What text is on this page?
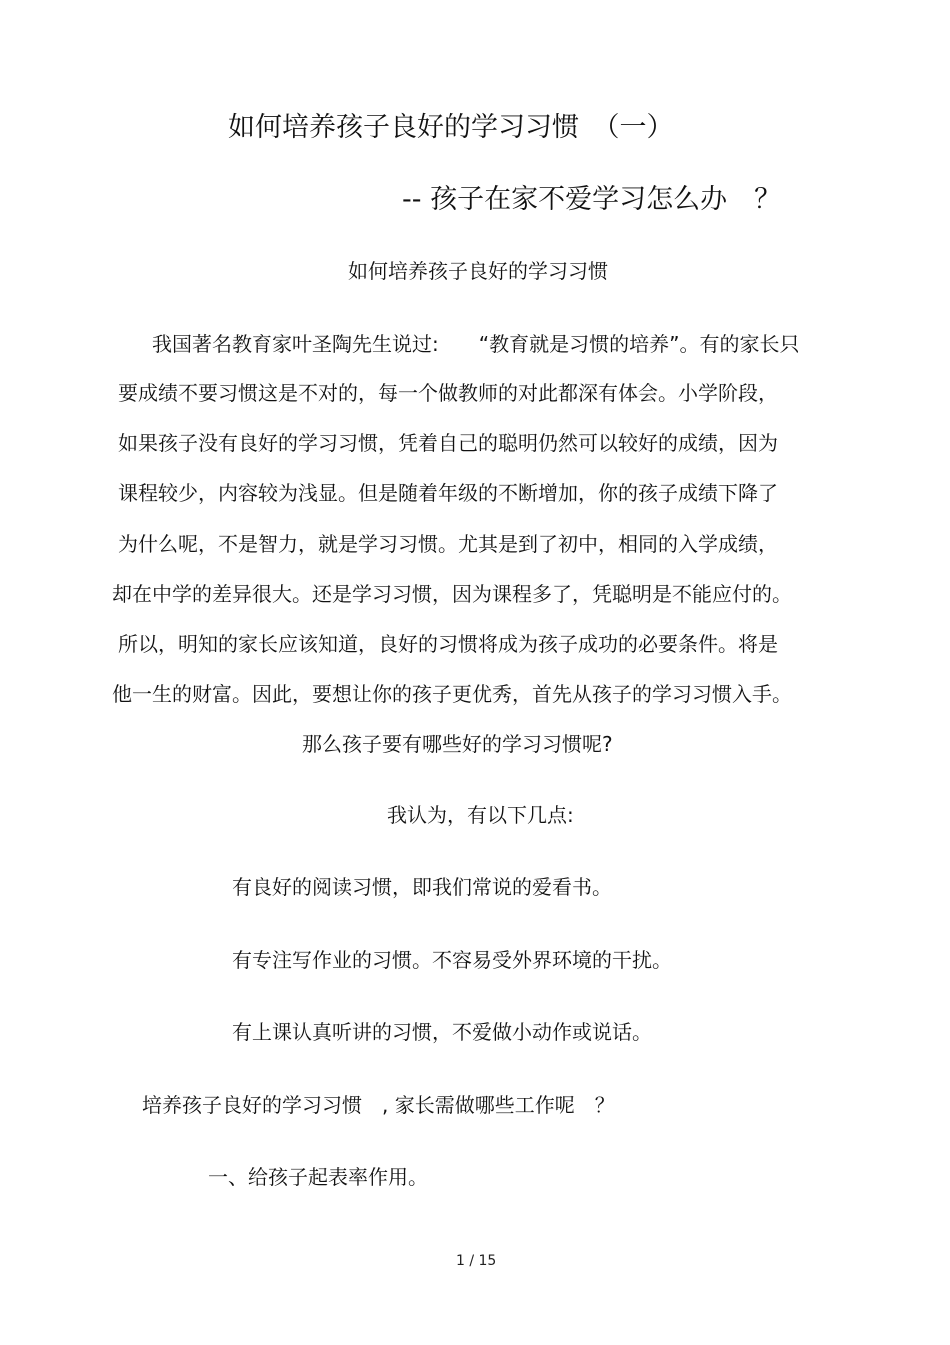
如何培养孩子良好的学习习惯　（一）
-- 孩子在家不爱学习怎么办　？
如何培养孩子良好的学习习惯
我国著名教育家叶圣陶先生说过:　　“教育就是习惯的培养”。有的家长只
要成绩不要习惯这是不对的，每一个做教师的对此都深有体会。小学阶段，
如果孩子没有良好的学习习惯，凭着自己的聪明仍然可以较好的成绩，因为
课程较少，内容较为浅显。但是随着年级的不断增加，你的孩子成绩下降了
为什么呢，不是智力，就是学习习惯。尤其是到了初中，相同的入学成绩，
却在中学的差异很大。还是学习习惯，因为课程多了，凭聪明是不能应付的。
所以，明知的家长应该知道，良好的习惯将成为孩子成功的必要条件。将是
他一生的财富。因此，要想让你的孩子更优秀，首先从孩子的学习习惯入手。
那么孩子要有哪些好的学习习惯呢?
我认为，有以下几点:
有良好的阅读习惯，即我们常说的爱看书。
有专注写作业的习惯。不容易受外界环境的干扰。
有上课认真听讲的习惯，不爱做小动作或说话。
培养孩子良好的学习习惯　, 家长需做哪些工作呢　？
一、给孩子起表率作用。
1 / 15
